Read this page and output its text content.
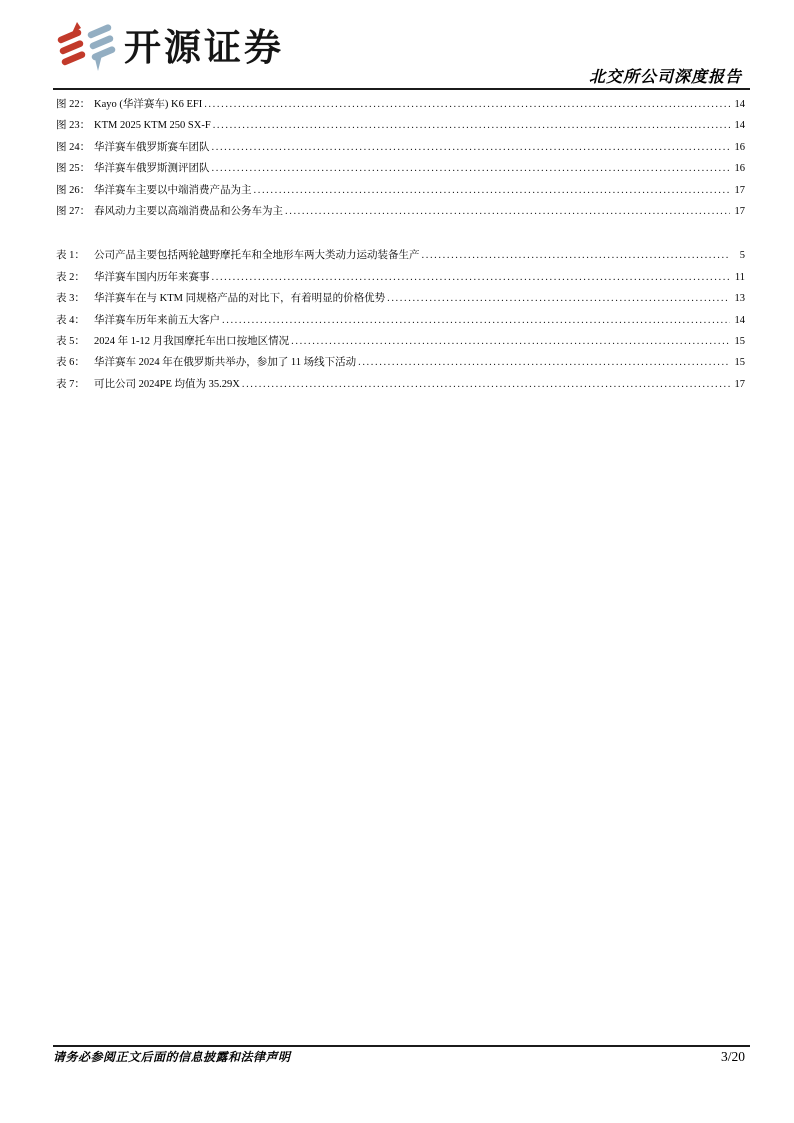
开源证券
北交所公司深度报告
图 22： Kayo (华洋赛车) K6 EFI .....	14
图 23： KTM 2025 KTM 250 SX-F .....	14
图 24： 华洋赛车俄罗斯赛车团队 .....	16
图 25： 华洋赛车俄罗斯测评团队 .....	16
图 26： 华洋赛车主要以中端消费产品为主 .....	17
图 27： 春风动力主要以高端消费品和公务车为主 .....	17
表 1： 公司产品主要包括两轮越野摩托车和全地形车两大类动力运动装备生产 .....	5
表 2： 华洋赛车国内历年来赛事 .....	11
表 3： 华洋赛车在与 KTM 同规格产品的对比下，有着明显的价格优势 .....	13
表 4： 华洋赛车历年来前五大客户 .....	14
表 5： 2024 年 1-12 月我国摩托车出口按地区情况 .....	15
表 6： 华洋赛车 2024 年在俄罗斯共举办，参加了 11 场线下活动 .....	15
表 7： 可比公司 2024PE 均值为 35.29X .....	17
请务必参阅正文后面的信息披露和法律声明	3/20
